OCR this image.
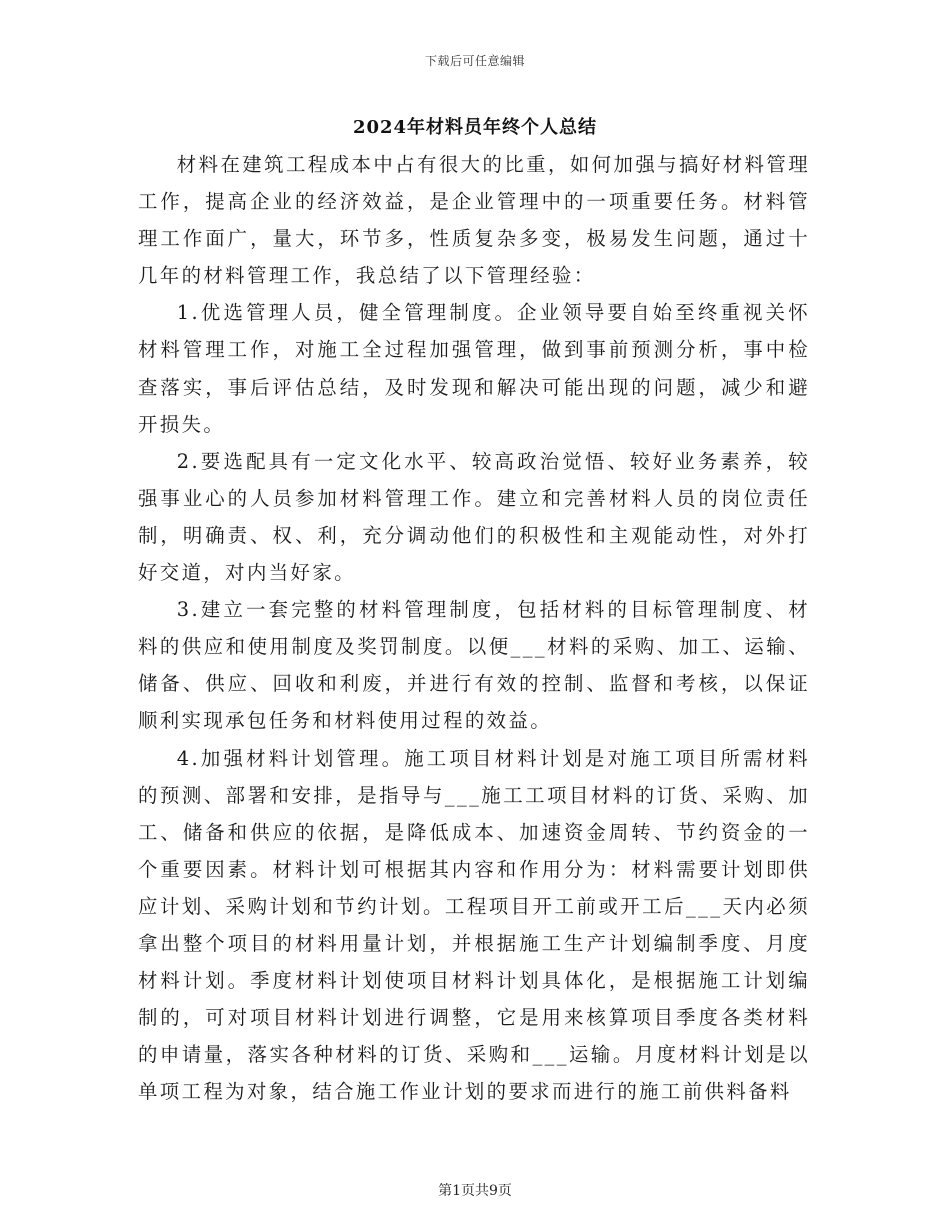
下载后可任意编辑
2024年材料员年终个人总结

材料在建筑工程成本中占有很大的比重，如何加强与搞好材料管理工作，提高企业的经济效益，是企业管理中的一项重要任务。材料管理工作面广，量大，环节多，性质复杂多变，极易发生问题，通过十几年的材料管理工作，我总结了以下管理经验：

1.优选管理人员，健全管理制度。企业领导要自始至终重视关怀材料管理工作，对施工全过程加强管理，做到事前预测分析，事中检查落实，事后评估总结，及时发现和解决可能出现的问题，减少和避开损失。

2.要选配具有一定文化水平、较高政治觉悟、较好业务素养，较强事业心的人员参加材料管理工作。建立和完善材料人员的岗位责任制，明确责、权、利，充分调动他们的积极性和主观能动性，对外打好交道，对内当好家。

3.建立一套完整的材料管理制度，包括材料的目标管理制度、材料的供应和使用制度及奖罚制度。以便___材料的采购、加工、运输、储备、供应、回收和利废，并进行有效的控制、监督和考核，以保证顺利实现承包任务和材料使用过程的效益。

4.加强材料计划管理。施工项目材料计划是对施工项目所需材料的预测、部署和安排，是指导与___施工工项目材料的订货、采购、加工、储备和供应的依据，是降低成本、加速资金周转、节约资金的一个重要因素。材料计划可根据其内容和作用分为：材料需要计划即供应计划、采购计划和节约计划。工程项目开工前或开工后___天内必须拿出整个项目的材料用量计划，并根据施工生产计划编制季度、月度材料计划。季度材料计划使项目材料计划具体化，是根据施工计划编制的，可对项目材料计划进行调整，它是用来核算项目季度各类材料的申请量，落实各种材料的订货、采购和___运输。月度材料计划是以单项工程为对象，结合施工作业计划的要求而进行的施工前供料备料

第1页共9页
